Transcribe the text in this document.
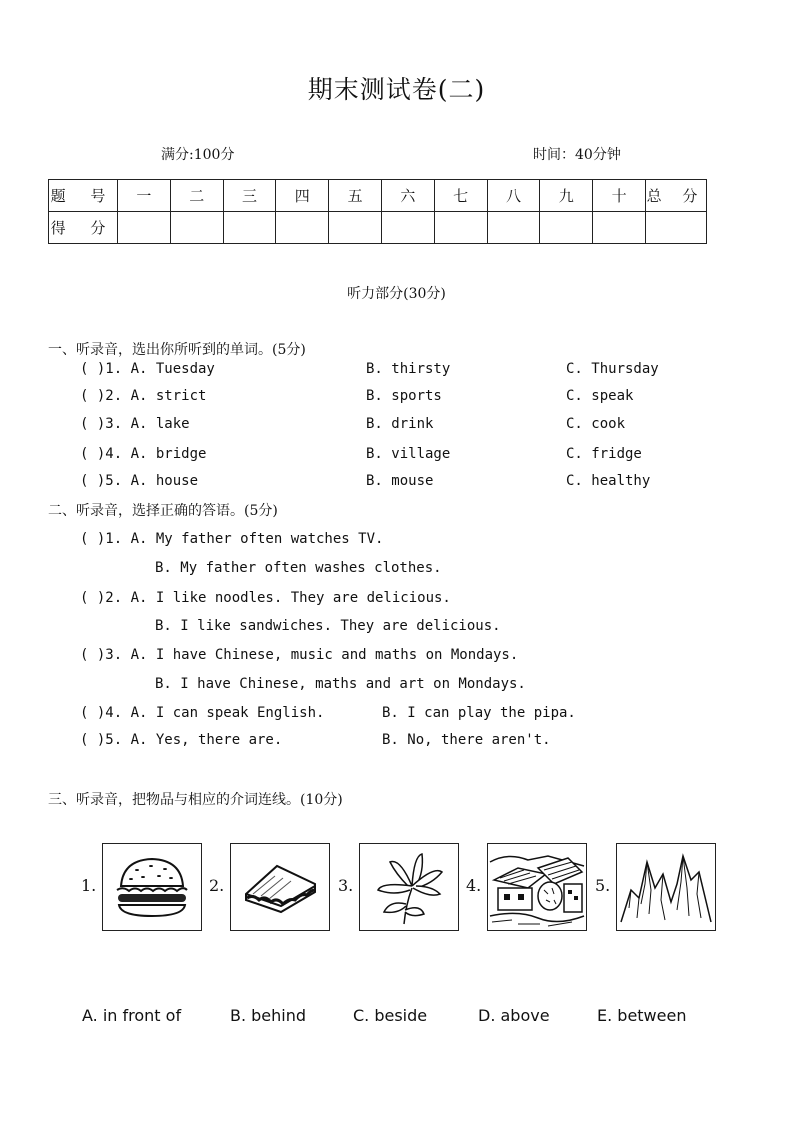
期末测试卷(二)
满分:100分	时间：40分钟
题 号	一	二	三	四	五	六	七	八	九	十	总 分
得 分											
听力部分(30分)
一、听录音，选出你所听到的单词。(5分)
( )1. A. Tuesday	B. thirsty	C. Thursday
( )2. A. strict	B. sports	C. speak
( )3. A. lake	B. drink	C. cook
( )4. A. bridge	B. village	C. fridge
( )5. A. house	B. mouse	C. healthy
二、听录音，选择正确的答语。(5分)
( )1. A. My father often watches TV.
B. My father often washes clothes.
( )2. A. I like noodles. They are delicious.
B. I like sandwiches. They are delicious.
( )3. A. I have Chinese, music and maths on Mondays.
B. I have Chinese, maths and art on Mondays.
( )4. A. I can speak English.	B. I can play the pipa.
( )5. A. Yes, there are.	B. No, there aren't.
三、听录音，把物品与相应的介词连线。(10分)
1.	2.	3.	4.	5.
A. in front of	B. behind	C. beside	D. above	E. between
